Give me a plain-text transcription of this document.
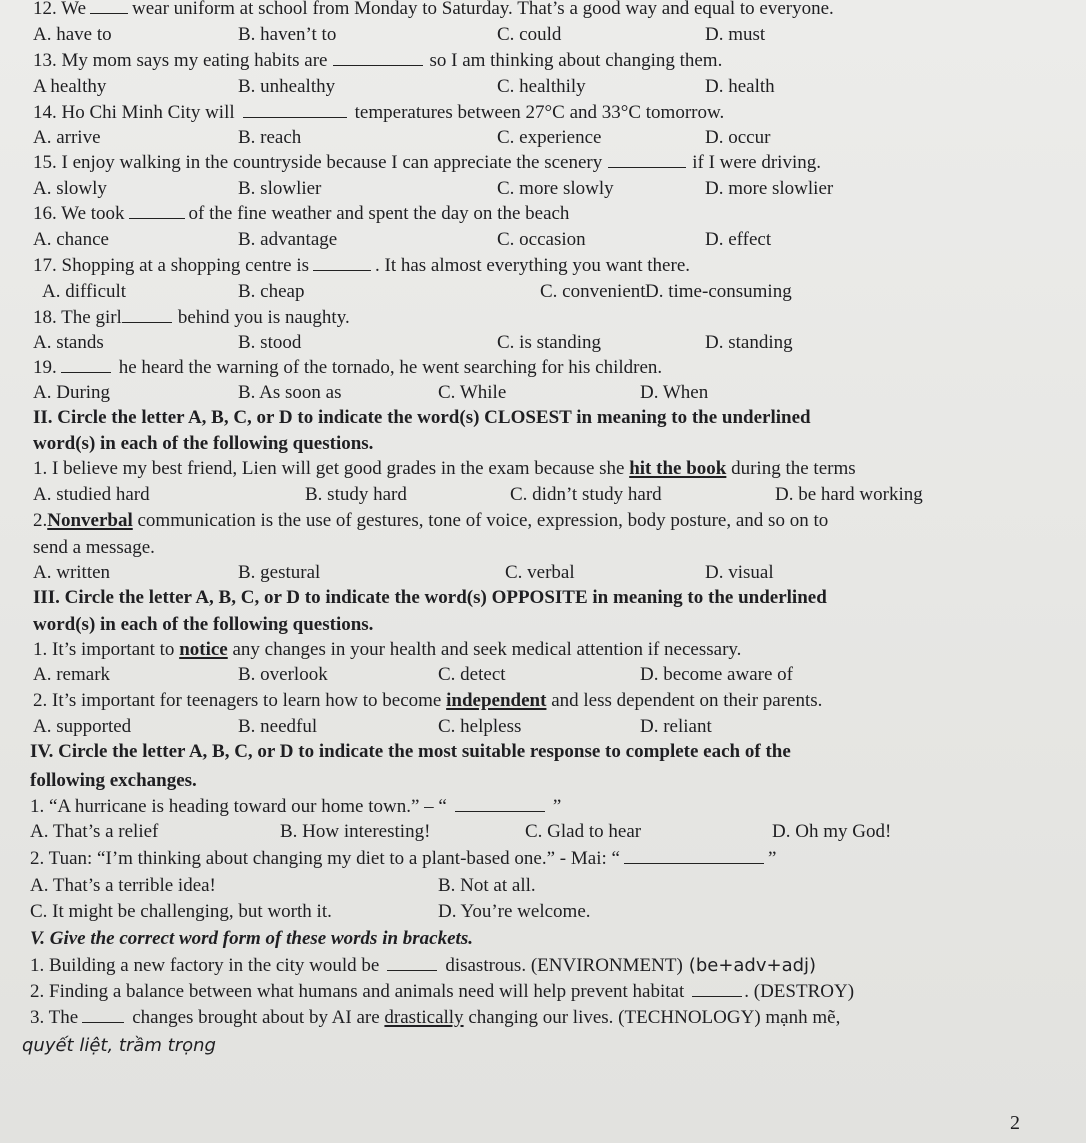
12. We wear uniform at school from Monday to Saturday. That’s a good way and equal to everyone.
A. have to	B. haven’t to	C. could	D. must
13. My mom says my eating habits are	so I am thinking about changing them.
A healthy	B. unhealthy	C. healthily	D. health
14. Ho Chi Minh City will	temperatures between 27°C and 33°C tomorrow.
A. arrive	B. reach	C. experience	D. occur
15. I enjoy walking in the countryside because I can appreciate the scenery	if I were driving.
A. slowly	B. slowlier	C. more slowly	D. more slowlier
16. We took	of the fine weather and spent the day on the beach
A. chance	B. advantage	C. occasion	D. effect
17. Shopping at a shopping centre is	. It has almost everything you want there.
A. difficult	B. cheap	C. convenient D. time-consuming
18. The girl	behind you is naughty.
A. stands	B. stood	C. is standing	D. standing
19.	he heard the warning of the tornado, he went searching for his children.
A. During	B. As soon as	C. While	D. When
II. Circle the letter A, B, C, or D to indicate the word(s) CLOSEST in meaning to the underlined
word(s) in each of the following questions.
1. I believe my best friend, Lien will get good grades in the exam because she hit the book during the terms
A. studied hard	B. study hard	C. didn’t study hard	D. be hard working
2.Nonverbal communication is the use of gestures, tone of voice, expression, body posture, and so on to
send a message.
A. written	B. gestural	C. verbal	D. visual
III. Circle the letter A, B, C, or D to indicate the word(s) OPPOSITE in meaning to the underlined
word(s) in each of the following questions.
1. It’s important to notice any changes in your health and seek medical attention if necessary.
A. remark	B. overlook	C. detect	D. become aware of
2. It’s important for teenagers to learn how to become independent and less dependent on their parents.
A. supported	B. needful	C. helpless	D. reliant
IV. Circle the letter A, B, C, or D to indicate the most suitable response to complete each of the
following exchanges.
1. “A hurricane is heading toward our home town.” – “	”
A. That’s a relief	B. How interesting!	C. Glad to hear	D. Oh my God!
2. Tuan: “I’m thinking about changing my diet to a plant-based one.” - Mai: “	”
A. That’s a terrible idea!	B. Not at all.
C. It might be challenging, but worth it.	D. You’re welcome.
V. Give the correct word form of these words in brackets.
1. Building a new factory in the city would be	disastrous. (ENVIRONMENT) (be+adv+adj)
2. Finding a balance between what humans and animals need will help prevent habitat	. (DESTROY)
3. The	changes brought about by AI are drastically changing our lives. (TECHNOLOGY) mạnh mẽ,
quyết liệt, trầm trọng
2
